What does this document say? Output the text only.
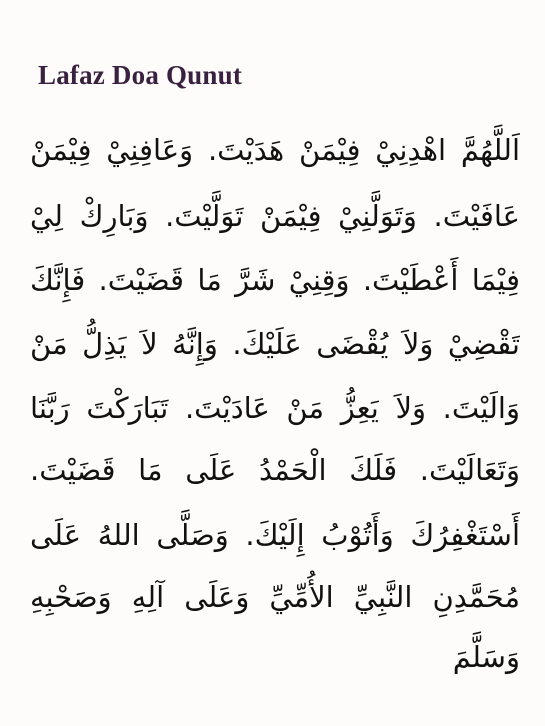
Lafaz Doa Qunut
اَللَّهُمَّ اهْدِنِيْ فِيْمَنْ هَدَيْتَ. وَعَافِنِيْ فِيْمَنْ
عَافَيْتَ. وَتَوَلَّنِيْ فِيْمَنْ تَوَلَّيْتَ. وَبَارِكْ لِيْ
فِيْمَا أَعْطَيْتَ. وَقِنِيْ شَرَّ مَا قَضَيْتَ. فَإِنَّكَ
تَقْضِيْ وَلاَ يُقْضَى عَلَيْكَ. وَإِنَّهُ لاَ يَذِلُّ مَنْ
وَالَيْتَ. وَلاَ يَعِزُّ مَنْ عَادَيْتَ. تَبَارَكْتَ رَبَّنَا
وَتَعَالَيْتَ. فَلَكَ الْحَمْدُ عَلَى مَا قَضَيْتَ.
أَسْتَغْفِرُكَ وَأَتُوْبُ إِلَيْكَ. وَصَلَّى اللهُ عَلَى
مُحَمَّدِنِ النَّبِيِّ الأُمِّيِّ وَعَلَى آلِهِ وَصَحْبِهِ
وَسَلَّمَ
